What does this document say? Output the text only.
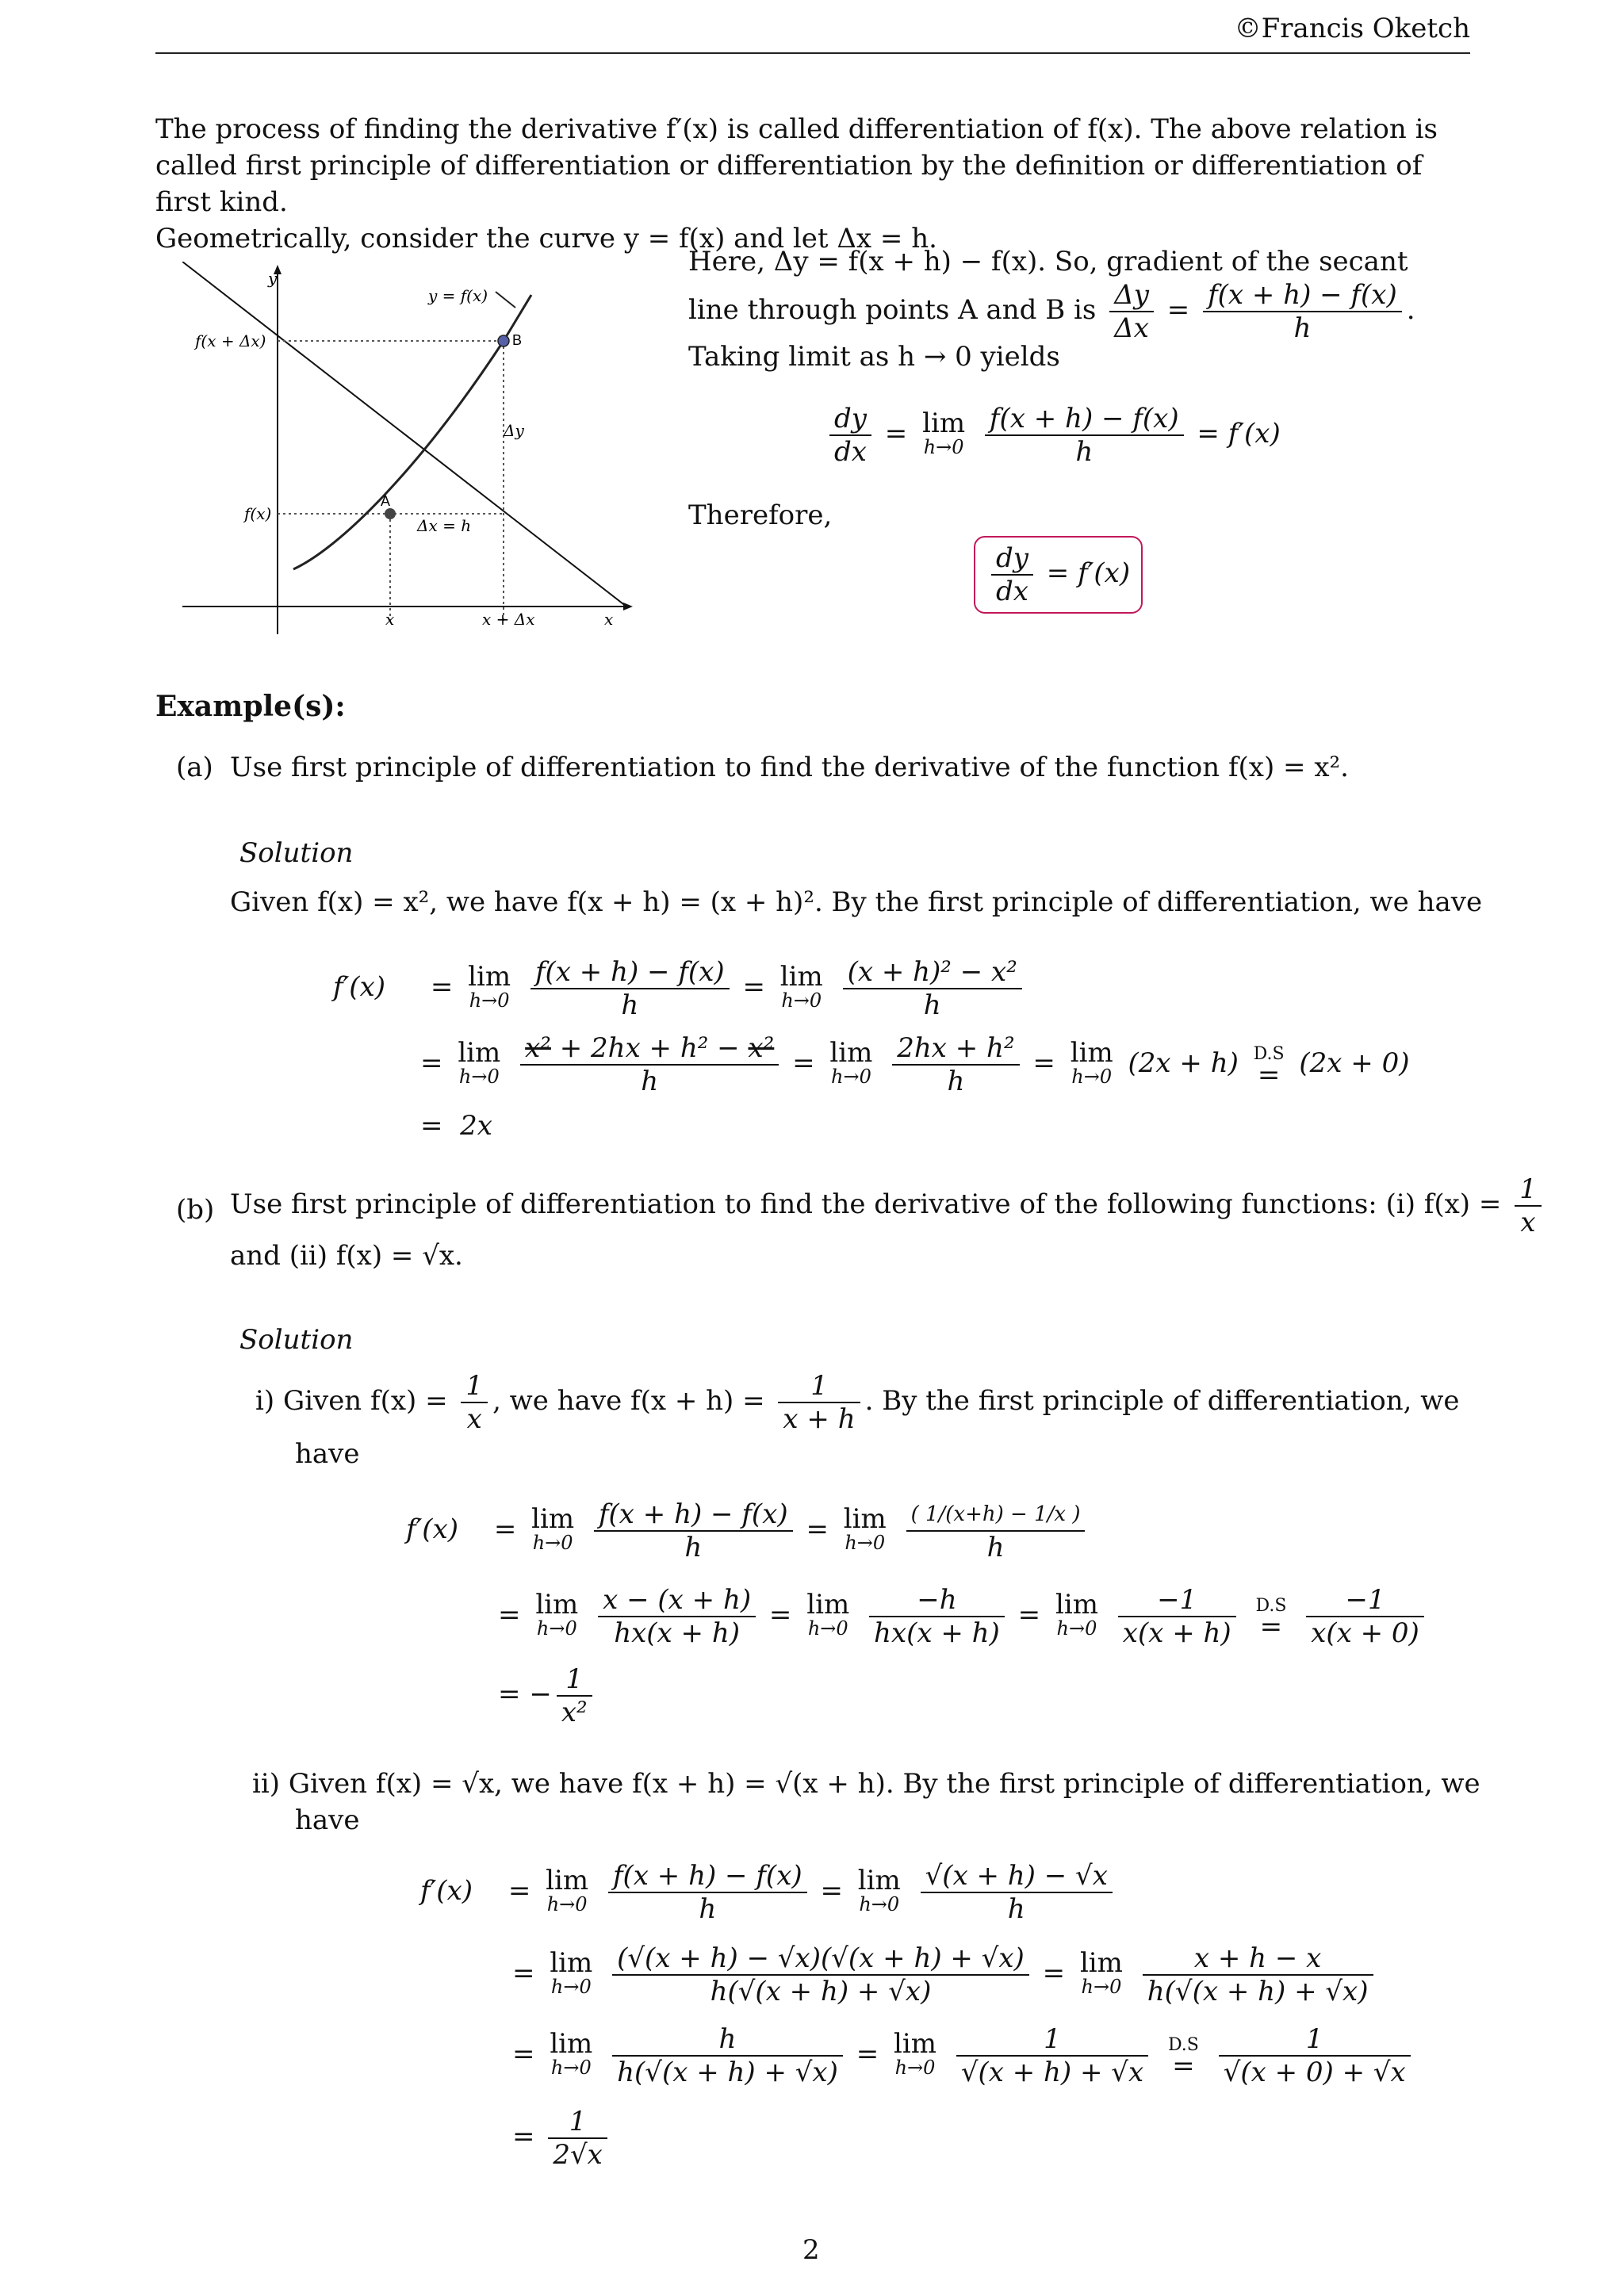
©Francis Oketch
The process of finding the derivative f′(x) is called differentiation of f(x). The above relation is
called first principle of differentiation or differentiation by the definition or differentiation of first kind.
Geometrically, consider the curve y = f(x) and let Δx = h.
y
y = f(x)
f(x + Δx)
f(x)
A
B
Δy
Δx = h
x	x + Δx	x
Here, Δy = f(x + h) − f(x). So, gradient of the secant
line through points A and B is $\frac{\Delta y}{\Delta x} = \frac{f(x + h) - f(x)}{h}$ .
Taking limit as h → 0 yields
$\frac{dy}{dx} = \lim$
h→0
$\frac{f(x + h) - f(x)}{h} = f'(x)$
Therefore,
$\frac{dy}{dx} = f'(x)$
Example(s):
(a) Use first principle of differentiation to find the derivative of the function f(x) = x².
Solution
Given f(x) = x², we have f(x + h) = (x + h)². By the first principle of differentiation, we have
f′(x) = lim
h→0
$\frac{f(x + h) - f(x)}{h} = \lim$
h→0
$\frac{\text{(x + h)² − x²}}{h}$
= lim
h→0
$\frac{\text{x² + 2hx + h² − x²}}{h} = \lim$
h→0
$\frac{\text{2hx + h²}}{h} = \lim$
h→0 (2x + h) D.S
= (2x + 0)
= 2x
(b) Use first principle of differentiation to find the derivative of the following functions: (i) $f(x) = \frac{1}{x}$
and (ii) f(x) = √x.
Solution
i) Given $f(x) = \frac{1}{x}$ , we have $f(x + h) = \frac{1}{x + h}$ . By the first principle of differentiation, we
have
f′(x) = lim
h→0
$\frac{f(x + h) - f(x)}{h} = \lim$
h→0
$\frac{( 1/(x+h) - 1/x )}{h}$
= lim
h→0
$\frac{x - (x + h)}{hx(x + h)} = \lim$
h→0
$\frac{-h}{hx(x + h)} = \lim$
h→0
$\frac{-1}{x(x + h)}$
D.S
= $\frac{-1}{x(x + 0)}$
= − $\frac{1}{\text{x²}}$
ii) Given f(x) = √x, we have f(x + h) = √(x + h). By the first principle of differentiation, we
have
f′(x) = lim
h→0
$\frac{f(x + h) - f(x)}{h} = \lim$
h→0
$\frac{√(x + h) - √x}{h}$
= lim
h→0
$\frac{(√(x + h) - √x)(√(x + h) + √x)}{h(√(x + h) + √x)} = \lim$
h→0
$\frac{x + h - x}{h(√(x + h) + √x)}$
= lim
h→0
$\frac{h}{h(√(x + h) + √x)} = \lim$
h→0
$\frac{1}{√(x + h) + √x}$
D.S
= $\frac{1}{√(x + 0) + √x}$
= $\frac{1}{2√x}$
2
